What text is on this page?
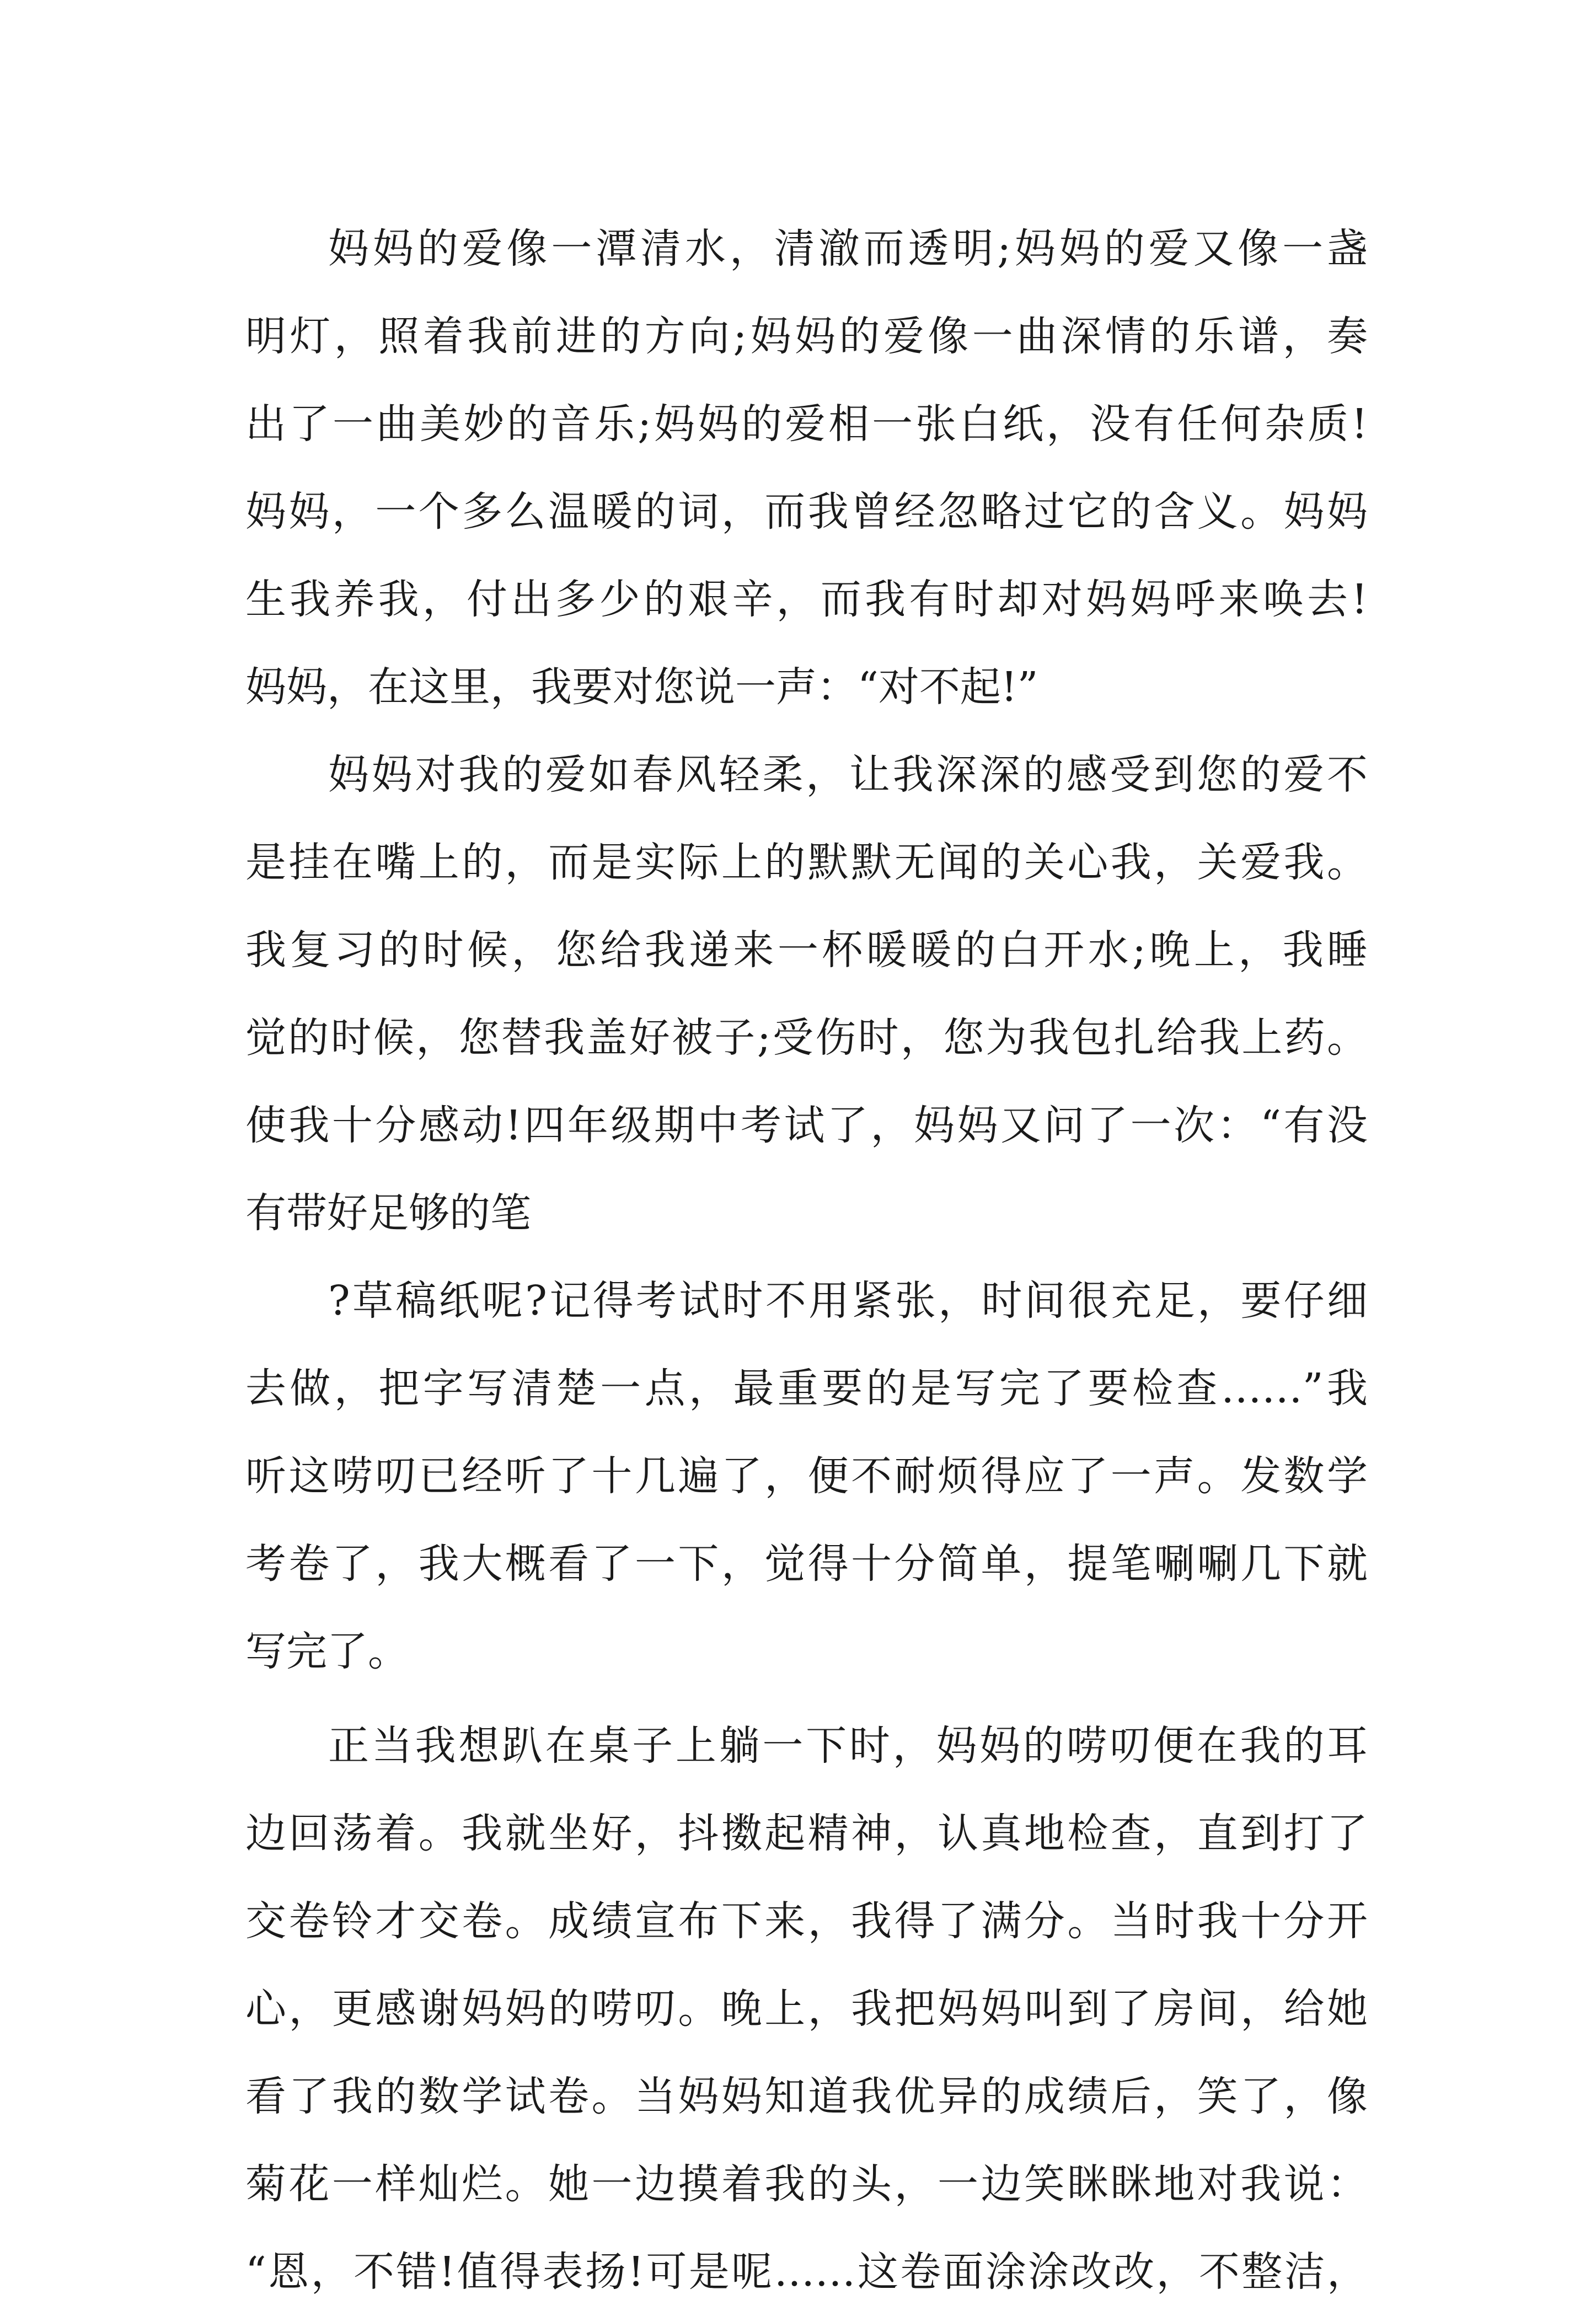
妈妈的爱像一潭清水，清澈而透明;妈妈的爱又像一盏
明灯，照着我前进的方向;妈妈的爱像一曲深情的乐谱，奏
出了一曲美妙的音乐;妈妈的爱相一张白纸，没有任何杂质!
妈妈，一个多么温暖的词，而我曾经忽略过它的含义。妈妈
生我养我，付出多少的艰辛，而我有时却对妈妈呼来唤去!
妈妈，在这里，我要对您说一声：“对不起!”
妈妈对我的爱如春风轻柔，让我深深的感受到您的爱不
是挂在嘴上的，而是实际上的默默无闻的关心我，关爱我。
我复习的时候，您给我递来一杯暖暖的白开水;晚上，我睡
觉的时候，您替我盖好被子;受伤时，您为我包扎给我上药。
使我十分感动!四年级期中考试了，妈妈又问了一次：“有没
有带好足够的笔
?草稿纸呢?记得考试时不用紧张，时间很充足，要仔细
去做，把字写清楚一点，最重要的是写完了要检查……”我
听这唠叨已经听了十几遍了，便不耐烦得应了一声。发数学
考卷了，我大概看了一下，觉得十分简单，提笔唰唰几下就
写完了。
正当我想趴在桌子上躺一下时，妈妈的唠叨便在我的耳
边回荡着。我就坐好，抖擞起精神，认真地检查，直到打了
交卷铃才交卷。成绩宣布下来，我得了满分。当时我十分开
心，更感谢妈妈的唠叨。晚上，我把妈妈叫到了房间，给她
看了我的数学试卷。当妈妈知道我优异的成绩后，笑了，像
菊花一样灿烂。她一边摸着我的头，一边笑眯眯地对我说：
“恩，不错!值得表扬!可是呢……这卷面涂涂改改，不整洁，
